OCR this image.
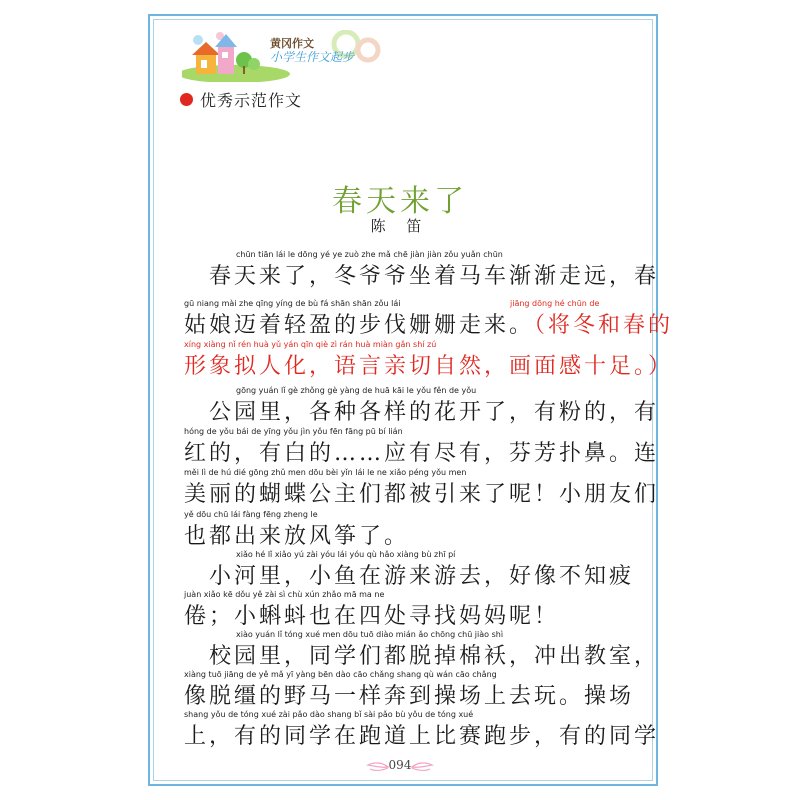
黄冈作文
小学生作文起步
优秀示范作文
春天来了
陈 笛
chūn tiān lái le dōng yé ye zuò zhe mǎ chē jiàn jiàn zǒu yuǎn chūn
　春天来了，冬爷爷坐着马车渐渐走远，春
gū niang mài zhe qīng yíng de bù fá shān shān zǒu lái	jiāng dōng hé chūn de
姑娘迈着轻盈的步伐姗姗走来。（将冬和春的
xíng xiàng nǐ rén huà yǔ yán qīn qiè zì rán huà miàn gǎn shí zú
形象拟人化，语言亲切自然，画面感十足。）
gōng yuán lǐ gè zhǒng gè yàng de huā kāi le yǒu fěn de yǒu
　公园里，各种各样的花开了，有粉的，有
hóng de yǒu bái de yīng yǒu jìn yǒu fēn fāng pū bí lián
红的，有白的……应有尽有，芬芳扑鼻。连
měi lì de hú dié gōng zhǔ men dōu bèi yǐn lái le ne xiǎo péng yǒu men
美丽的蝴蝶公主们都被引来了呢！小朋友们
yě dōu chū lái fàng fēng zheng le
也都出来放风筝了。
xiǎo hé lǐ xiǎo yú zài yóu lái yóu qù hǎo xiàng bù zhī pí
　小河里，小鱼在游来游去，好像不知疲
juàn xiǎo kē dǒu yě zài sì chù xún zhǎo mā ma ne
倦；小蝌蚪也在四处寻找妈妈呢！
xiào yuán lǐ tóng xué men dōu tuō diào mián ǎo chōng chū jiào shì
　校园里，同学们都脱掉棉袄，冲出教室，
xiàng tuō jiāng de yě mǎ yī yàng bēn dào cāo chǎng shang qù wán cāo chǎng
像脱缰的野马一样奔到操场上去玩。操场
shang yǒu de tóng xué zài pǎo dào shang bǐ sài pǎo bù yǒu de tóng xué
上，有的同学在跑道上比赛跑步，有的同学
094
